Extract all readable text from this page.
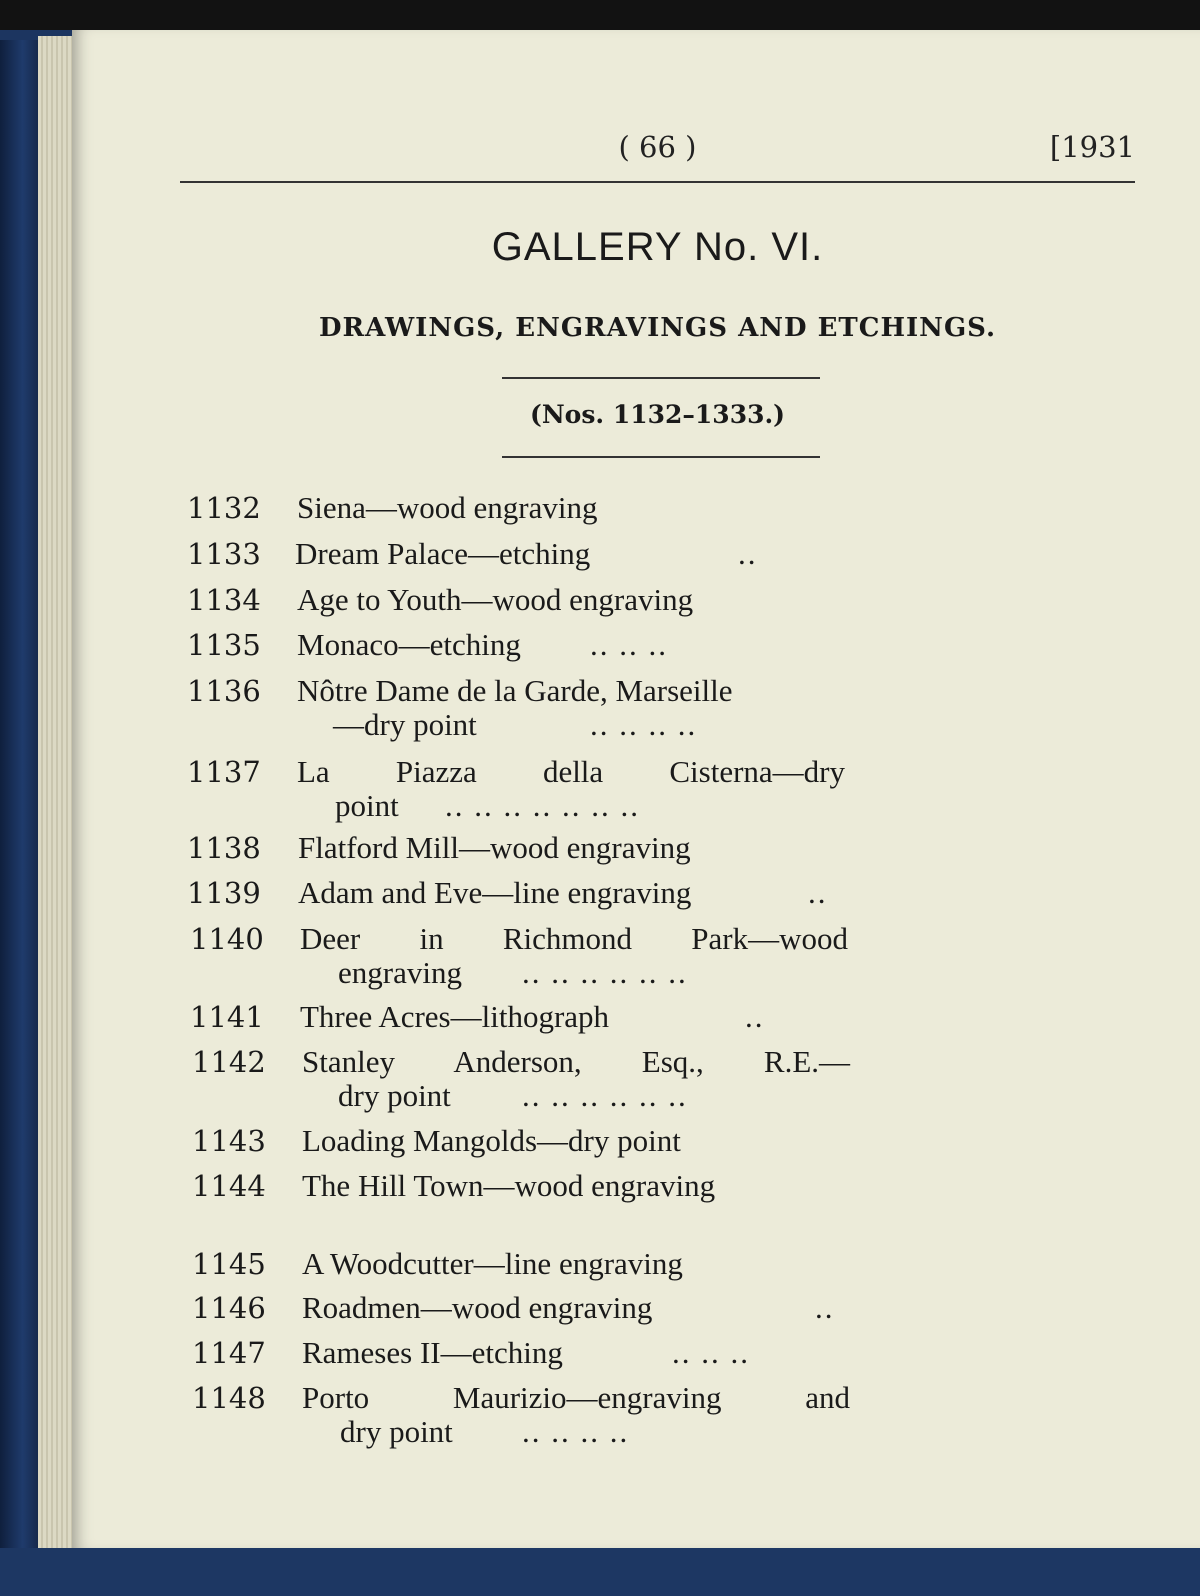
( 66 )	[1931
GALLERY No. VI.
DRAWINGS, ENGRAVINGS AND ETCHINGS.
(Nos. 1132–1333.)
1132 Siena—wood engraving
1133 Dream Palace—etching	..
1134 Age to Youth—wood engraving
1135 Monaco—etching .. .. ..
1136 Nôtre Dame de la Garde, Marseille
—dry point	.. .. .. ..
1137 La Piazza della Cisterna—dry
point .. .. .. .. .. .. ..
1138 Flatford Mill—wood engraving
1139 Adam and Eve—line engraving	..
1140 Deer in Richmond Park—wood
engraving .. .. .. .. .. ..
1141 Three Acres—lithograph	..
1142 Stanley Anderson, Esq., R.E.—
dry point .. .. .. .. .. ..
1143 Loading Mangolds—dry point
1144 The Hill Town—wood engraving
1145 A Woodcutter—line engraving
1146 Roadmen—wood engraving	..
1147 Rameses II—etching	.. .. ..
1148 Porto Maurizio—engraving and
dry point .. .. .. ..
